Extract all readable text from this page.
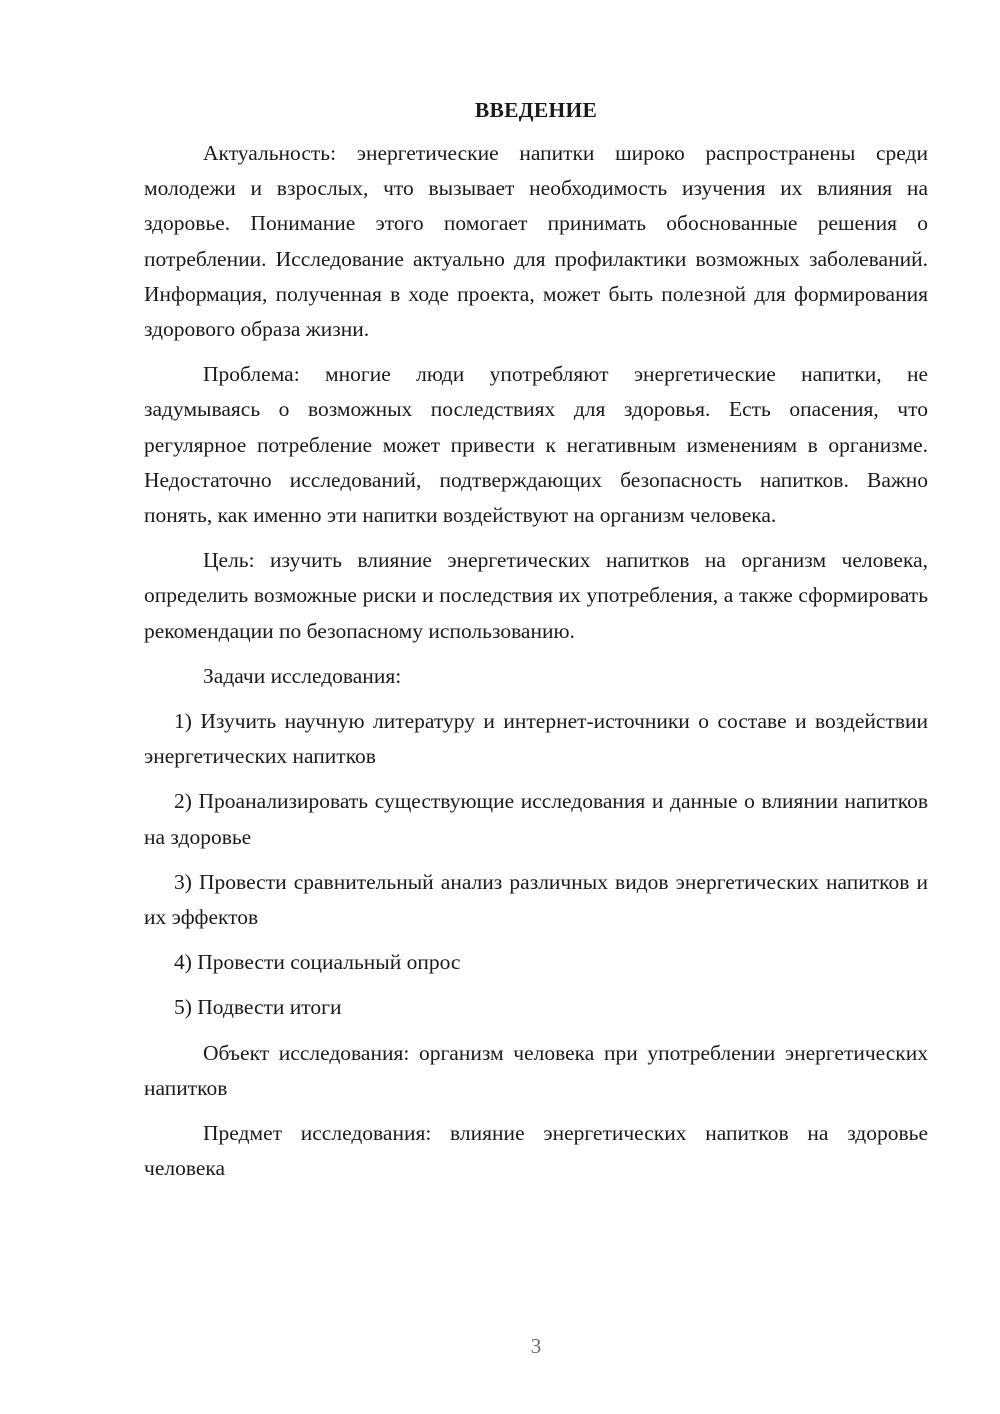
ВВЕДЕНИЕ

Актуальность: энергетические напитки широко распространены среди молодежи и взрослых, что вызывает необходимость изучения их влияния на здоровье. Понимание этого помогает принимать обоснованные решения о потреблении. Исследование актуально для профилактики возможных заболеваний. Информация, полученная в ходе проекта, может быть полезной для формирования здорового образа жизни.

Проблема: многие люди употребляют энергетические напитки, не задумываясь о возможных последствиях для здоровья. Есть опасения, что регулярное потребление может привести к негативным изменениям в организме. Недостаточно исследований, подтверждающих безопасность напитков. Важно понять, как именно эти напитки воздействуют на организм человека.

Цель: изучить влияние энергетических напитков на организм человека, определить возможные риски и последствия их употребления, а также сформировать рекомендации по безопасному использованию.

Задачи исследования:

1) Изучить научную литературу и интернет-источники о составе и воздействии энергетических напитков

2) Проанализировать существующие исследования и данные о влиянии напитков на здоровье

3) Провести сравнительный анализ различных видов энергетических напитков и их эффектов

4) Провести социальный опрос

5) Подвести итоги

Объект исследования: организм человека при употреблении энергетических напитков

Предмет исследования: влияние энергетических напитков на здоровье человека

3
